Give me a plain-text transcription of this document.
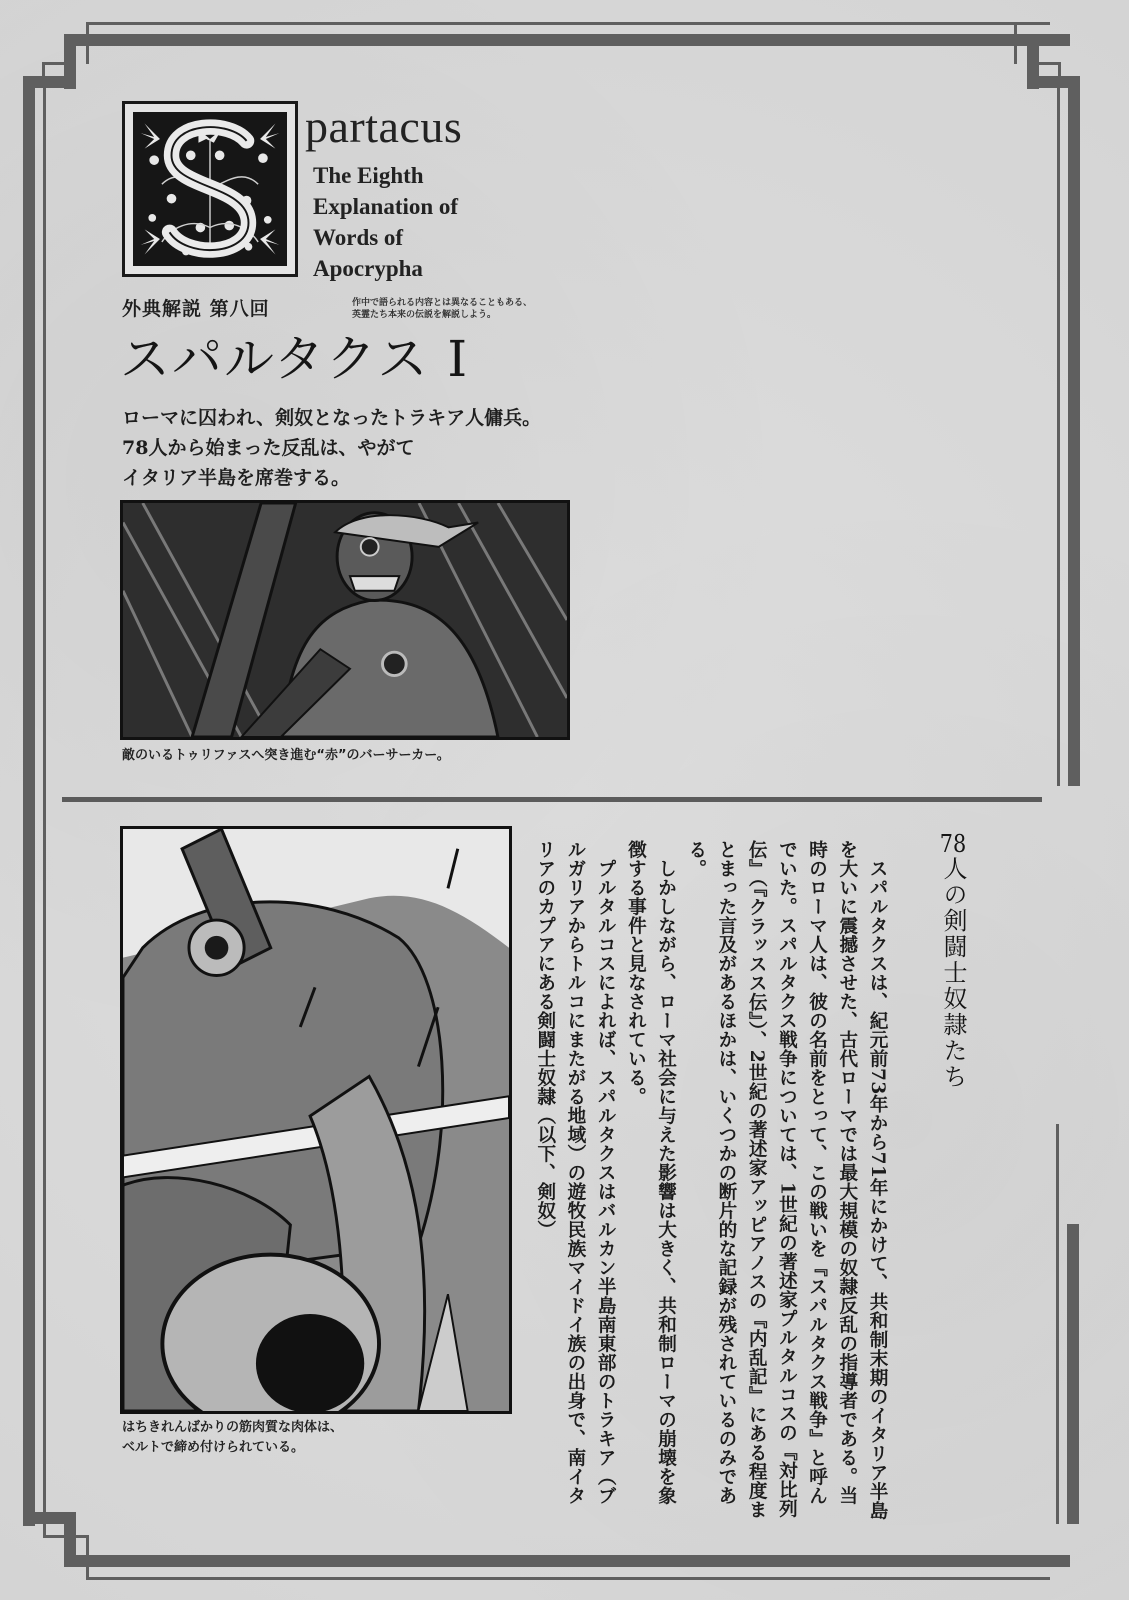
partacus
The Eighth
Explanation of
Words of
Apocrypha
外典解説 第八回	作中で語られる内容とは異なることもある、
英霊たち本来の伝説を解説しよう。
スパルタクス Ⅰ
ローマに囚われ、剣奴となったトラキア人傭兵。
78人から始まった反乱は、やがて
イタリア半島を席巻する。
敵のいるトゥリファスへ突き進む“赤”のバーサーカー。
はちきれんばかりの筋肉質な肉体は、
ベルトで締め付けられている。
78人の剣闘士奴隷たち

スパルタクスは、紀元前73年から71年にかけて、共和制末期のイタリア半島を大いに震撼させた、古代ローマでは最大規模の奴隷反乱の指導者である。当時のローマ人は、彼の名前をとって、この戦いを『スパルタクス戦争』と呼んでいた。スパルタクス戦争については、1世紀の著述家プルタルコスの『対比列伝』（『クラッスス伝』）、2世紀の著述家アッピアノスの『内乱記』にある程度まとまった言及があるほかは、いくつかの断片的な記録が残されているのみである。

しかしながら、ローマ社会に与えた影響は大きく、共和制ローマの崩壊を象徴する事件と見なされている。

プルタルコスによれば、スパルタクスはバルカン半島南東部のトラキア（ブルガリアからトルコにまたがる地域）の遊牧民族マイドイ族の出身で、南イタリアのカプアにある剣闘士奴隷（以下、剣奴）
